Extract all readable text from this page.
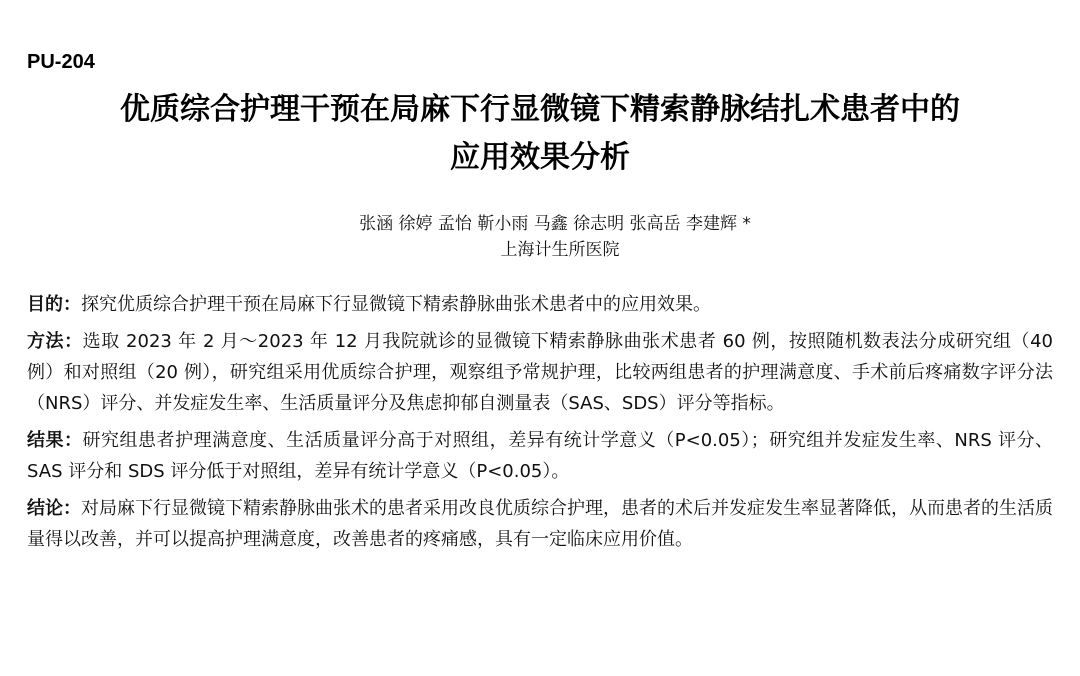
PU-204
优质综合护理干预在局麻下行显微镜下精索静脉结扎术患者中的
应用效果分析
张涵 徐婷 孟怡 靳小雨 马鑫 徐志明 张高岳 李建辉 *
上海计生所医院

目的：探究优质综合护理干预在局麻下行显微镜下精索静脉曲张术患者中的应用效果。

方法：选取 2023 年 2 月～2023 年 12 月我院就诊的显微镜下精索静脉曲张术患者 60 例，按照随机数表法分成研究组（40 例）和对照组（20 例），研究组采用优质综合护理，观察组予常规护理，比较两组患者的护理满意度、手术前后疼痛数字评分法（NRS）评分、并发症发生率、生活质量评分及焦虑抑郁自测量表（SAS、SDS）评分等指标。

结果：研究组患者护理满意度、生活质量评分高于对照组，差异有统计学意义（P<0.05）；研究组并发症发生率、NRS 评分、SAS 评分和 SDS 评分低于对照组，差异有统计学意义（P<0.05）。

结论：对局麻下行显微镜下精索静脉曲张术的患者采用改良优质综合护理，患者的术后并发症发生率显著降低，从而患者的生活质量得以改善，并可以提高护理满意度，改善患者的疼痛感，具有一定临床应用价值。
